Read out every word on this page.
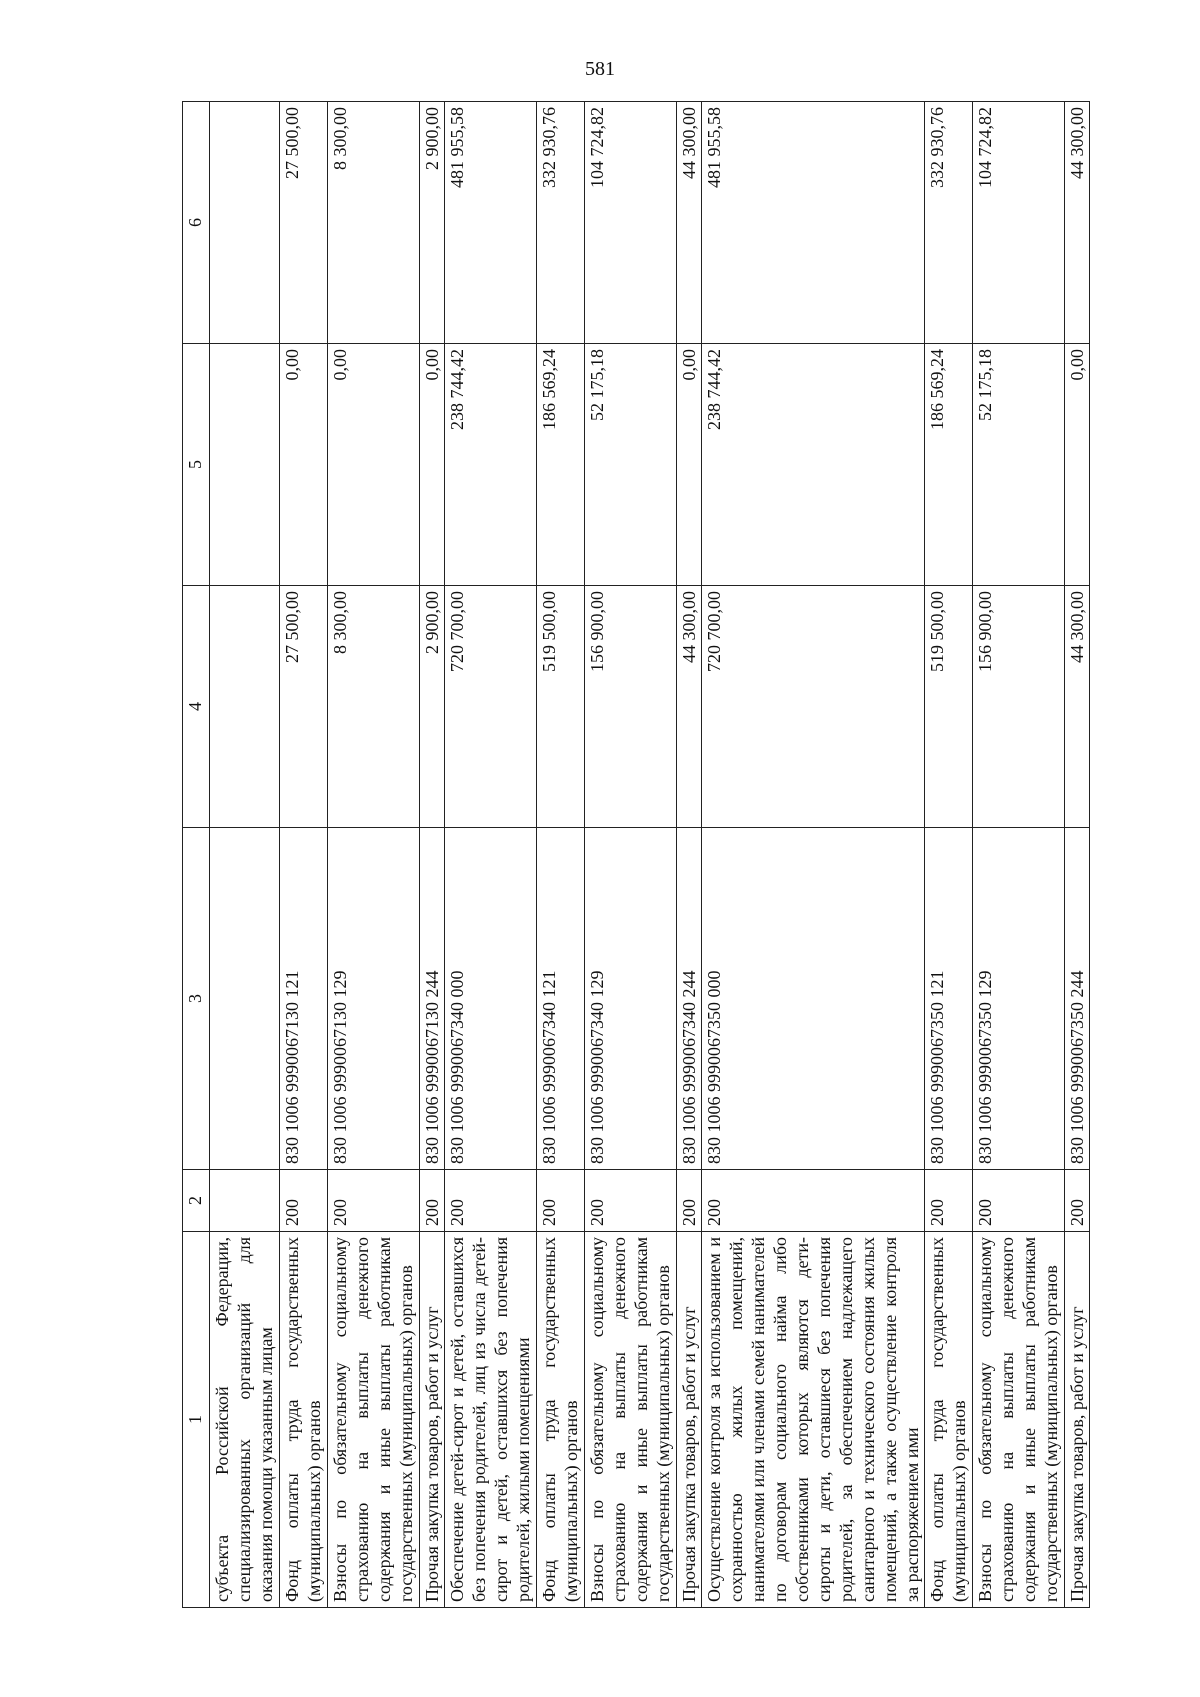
581
1	2	3	4	5	6
субъекта Российской Федерации, специализированных организаций для оказания помощи указанным лицам					
Фонд оплаты труда государственных (муниципальных) органов	200	830 1006 9990067130 121	27 500,00	0,00	27 500,00
Взносы по обязательному социальному страхованию на выплаты денежного содержания и иные выплаты работникам государственных (муниципальных) органов	200	830 1006 9990067130 129	8 300,00	0,00	8 300,00
Прочая закупка товаров, работ и услуг	200	830 1006 9990067130 244	2 900,00	0,00	2 900,00
Обеспечение детей-сирот и детей, оставшихся без попечения родителей, лиц из числа детей-сирот и детей, оставшихся без попечения родителей, жилыми помещениями	200	830 1006 9990067340 000	720 700,00	238 744,42	481 955,58
Фонд оплаты труда государственных (муниципальных) органов	200	830 1006 9990067340 121	519 500,00	186 569,24	332 930,76
Взносы по обязательному социальному страхованию на выплаты денежного содержания и иные выплаты работникам государственных (муниципальных) органов	200	830 1006 9990067340 129	156 900,00	52 175,18	104 724,82
Прочая закупка товаров, работ и услуг	200	830 1006 9990067340 244	44 300,00	0,00	44 300,00
Осуществление контроля за использованием и сохранностью жилых помещений, нанимателями или членами семей нанимателей по договорам социального найма либо собственниками которых являются дети-сироты и дети, оставшиеся без попечения родителей, за обеспечением надлежащего санитарного и технического состояния жилых помещений, а также осуществление контроля за распоряжением ими	200	830 1006 9990067350 000	720 700,00	238 744,42	481 955,58
Фонд оплаты труда государственных (муниципальных) органов	200	830 1006 9990067350 121	519 500,00	186 569,24	332 930,76
Взносы по обязательному социальному страхованию на выплаты денежного содержания и иные выплаты работникам государственных (муниципальных) органов	200	830 1006 9990067350 129	156 900,00	52 175,18	104 724,82
Прочая закупка товаров, работ и услуг	200	830 1006 9990067350 244	44 300,00	0,00	44 300,00
